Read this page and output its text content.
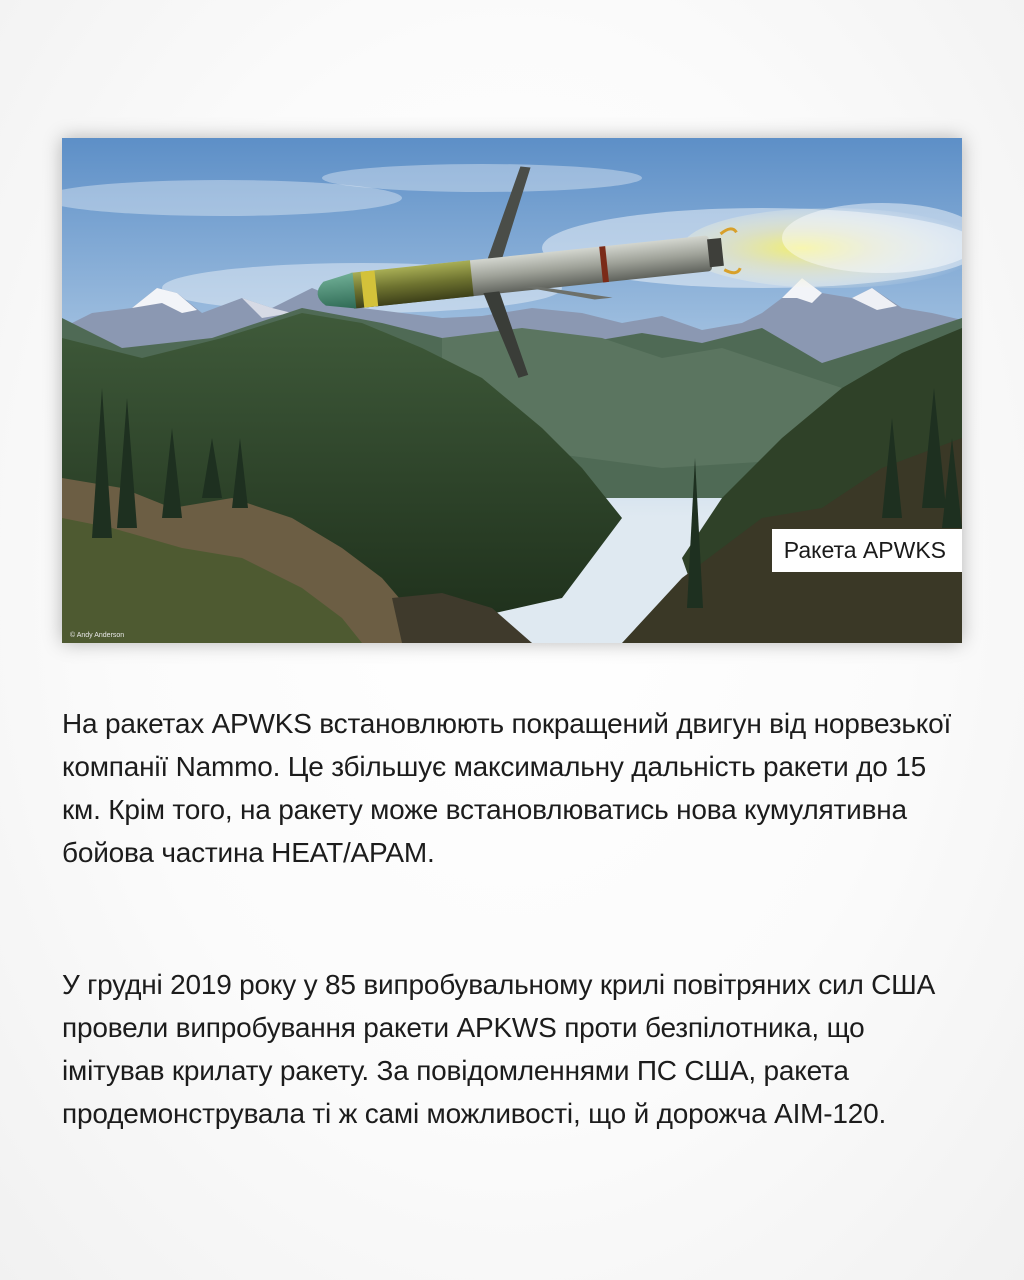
Ракета APWKS
© Andy Anderson

На ракетах APWKS встановлюють покращений двигун від норвезької компанії Nammo. Це збільшує максимальну дальність ракети до 15 км. Крім того, на ракету може встановлюватись нова кумулятивна бойова частина HEAT/APAM.

У грудні 2019 року у 85 випробувальному крилі повітряних сил США провели випробування ракети APKWS проти безпілотника, що імітував крилату ракету. За повідомленнями ПС США, ракета продемонструвала ті ж самі можливості, що й дорожча AIM-120.
